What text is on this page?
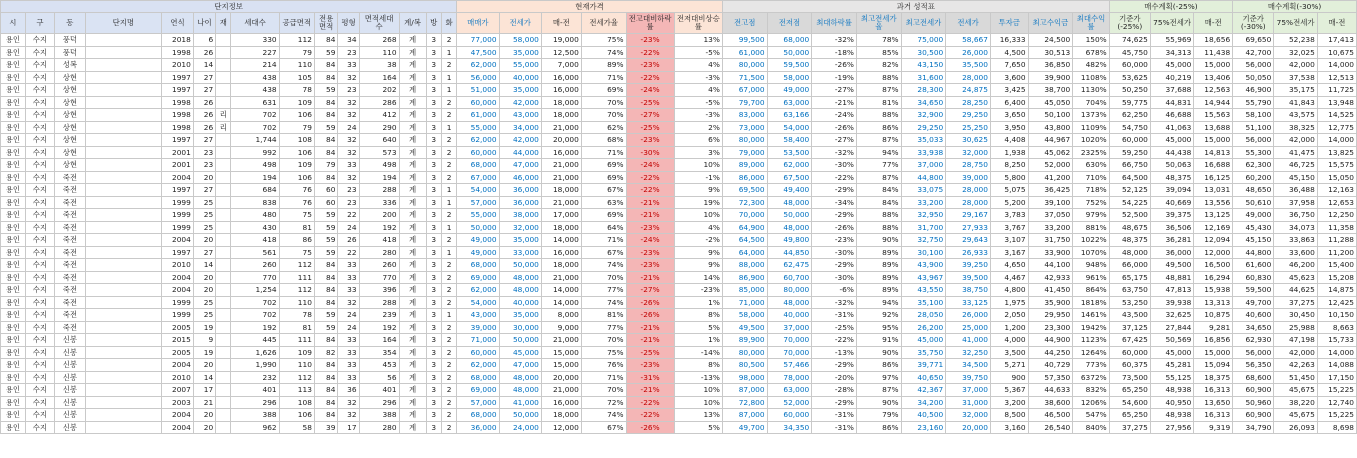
단지정보															현재가격						과거 성적표									매수계획(-25%)			매수계획(-30%)		
시	구	동	단지명	연식	나이	재	세대수	공급면적	전용면적	평형	면적세대수	계/복	방	화	매매가	전세가	매-전	전세가율	전고대비하락률	전저대비상승률	전고점	전저점	최대하락률	최고전세가율	최고전세가	전세가	투자금	최고수익금	최대수익률	기준가(-25%)	75%전세가	매-전	기준가(-30%)	75%전세가	매-전
용인	수지	풍덕		2018	6		330	112	84	34	268	계	3	2	77,000	58,000	19,000	75%	-23%	13%	99,500	68,000	-32%	78%	75,000	58,667	16,333	24,500	150%	74,625	55,969	18,656	69,650	52,238	17,413
용인	수지	풍덕		1998	26		227	79	59	23	110	계	3	1	47,500	35,000	12,500	74%	-22%	-5%	61,000	50,000	-18%	85%	30,500	26,000	4,500	30,513	678%	45,750	34,313	11,438	42,700	32,025	10,675
용인	수지	성복		2010	14		214	110	84	33	38	계	3	2	62,000	55,000	7,000	89%	-23%	4%	80,000	59,500	-26%	82%	43,150	35,500	7,650	36,850	482%	60,000	45,000	15,000	56,000	42,000	14,000
용인	수지	상현		1997	27		438	105	84	32	164	계	3	1	56,000	40,000	16,000	71%	-22%	-3%	71,500	58,000	-19%	88%	31,600	28,000	3,600	39,900	1108%	53,625	40,219	13,406	50,050	37,538	12,513
용인	수지	상현		1997	27		438	78	59	23	202	계	3	1	51,000	35,000	16,000	69%	-24%	4%	67,000	49,000	-27%	87%	28,300	24,875	3,425	38,700	1130%	50,250	37,688	12,563	46,900	35,175	11,725
용인	수지	상현		1998	26		631	109	84	32	286	계	3	2	60,000	42,000	18,000	70%	-25%	-5%	79,700	63,000	-21%	81%	34,650	28,250	6,400	45,050	704%	59,775	44,831	14,944	55,790	41,843	13,948
용인	수지	상현		1998	26	리	702	106	84	32	412	계	3	2	61,000	43,000	18,000	70%	-27%	-3%	83,000	63,166	-24%	88%	32,900	29,250	3,650	50,100	1373%	62,250	46,688	15,563	58,100	43,575	14,525
용인	수지	상현		1998	26	리	702	79	59	24	290	계	3	1	55,000	34,000	21,000	62%	-25%	2%	73,000	54,000	-26%	86%	29,250	25,250	3,950	43,800	1109%	54,750	41,063	13,688	51,100	38,325	12,775
용인	수지	상현		1997	27		1,744	108	84	32	640	계	3	2	62,000	42,000	20,000	68%	-23%	6%	80,000	58,400	-27%	87%	35,033	30,625	4,408	44,967	1020%	60,000	45,000	15,000	56,000	42,000	14,000
용인	수지	상현		2001	23		992	106	84	32	573	계	3	2	60,000	44,000	16,000	71%	-30%	3%	79,000	53,500	-32%	94%	33,938	32,000	1,938	45,062	2325%	59,250	44,438	14,813	55,300	41,475	13,825
용인	수지	상현		2001	23		498	109	79	33	498	계	3	2	68,000	47,000	21,000	69%	-24%	10%	89,000	62,000	-30%	77%	37,000	28,750	8,250	52,000	630%	66,750	50,063	16,688	62,300	46,725	15,575
용인	수지	죽전		2004	20		194	106	84	32	194	계	3	2	67,000	46,000	21,000	69%	-22%	-1%	86,000	67,500	-22%	87%	44,800	39,000	5,800	41,200	710%	64,500	48,375	16,125	60,200	45,150	15,050
용인	수지	죽전		1997	27		684	76	60	23	288	계	3	1	54,000	36,000	18,000	67%	-22%	9%	69,500	49,400	-29%	84%	33,075	28,000	5,075	36,425	718%	52,125	39,094	13,031	48,650	36,488	12,163
용인	수지	죽전		1999	25		838	76	60	23	336	계	3	1	57,000	36,000	21,000	63%	-21%	19%	72,300	48,000	-34%	84%	33,200	28,000	5,200	39,100	752%	54,225	40,669	13,556	50,610	37,958	12,653
용인	수지	죽전		1999	25		480	75	59	22	200	계	3	2	55,000	38,000	17,000	69%	-21%	10%	70,000	50,000	-29%	88%	32,950	29,167	3,783	37,050	979%	52,500	39,375	13,125	49,000	36,750	12,250
용인	수지	죽전		1999	25		430	81	59	24	192	계	3	1	50,000	32,000	18,000	64%	-23%	4%	64,900	48,000	-26%	88%	31,700	27,933	3,767	33,200	881%	48,675	36,506	12,169	45,430	34,073	11,358
용인	수지	죽전		2004	20		418	86	59	26	418	계	3	2	49,000	35,000	14,000	71%	-24%	-2%	64,500	49,800	-23%	90%	32,750	29,643	3,107	31,750	1022%	48,375	36,281	12,094	45,150	33,863	11,288
용인	수지	죽전		1997	27		561	75	59	22	280	계	3	1	49,000	33,000	16,000	67%	-23%	9%	64,000	44,850	-30%	89%	30,100	26,933	3,167	33,900	1070%	48,000	36,000	12,000	44,800	33,600	11,200
용인	수지	죽전		2010	14		260	112	84	33	260	계	3	2	68,000	50,000	18,000	74%	-23%	9%	88,000	62,475	-29%	89%	43,900	39,250	4,650	44,100	948%	66,000	49,500	16,500	61,600	46,200	15,400
용인	수지	죽전		2004	20		770	111	84	33	770	계	3	2	69,000	48,000	21,000	70%	-21%	14%	86,900	60,700	-30%	89%	43,967	39,500	4,467	42,933	961%	65,175	48,881	16,294	60,830	45,623	15,208
용인	수지	죽전		2004	20		1,254	112	84	33	396	계	3	2	62,000	48,000	14,000	77%	-27%	-23%	85,000	80,000	-6%	89%	43,550	38,750	4,800	41,450	864%	63,750	47,813	15,938	59,500	44,625	14,875
용인	수지	죽전		1999	25		702	110	84	32	288	계	3	2	54,000	40,000	14,000	74%	-26%	1%	71,000	48,000	-32%	94%	35,100	33,125	1,975	35,900	1818%	53,250	39,938	13,313	49,700	37,275	12,425
용인	수지	죽전		1999	25		702	78	59	24	239	계	3	1	43,000	35,000	8,000	81%	-26%	8%	58,000	40,000	-31%	92%	28,050	26,000	2,050	29,950	1461%	43,500	32,625	10,875	40,600	30,450	10,150
용인	수지	죽전		2005	19		192	81	59	24	192	계	3	2	39,000	30,000	9,000	77%	-21%	5%	49,500	37,000	-25%	95%	26,200	25,000	1,200	23,300	1942%	37,125	27,844	9,281	34,650	25,988	8,663
용인	수지	신봉		2015	9		445	111	84	33	164	계	3	2	71,000	50,000	21,000	70%	-21%	1%	89,900	70,000	-22%	91%	45,000	41,000	4,000	44,900	1123%	67,425	50,569	16,856	62,930	47,198	15,733
용인	수지	신봉		2005	19		1,626	109	82	33	354	계	3	2	60,000	45,000	15,000	75%	-25%	-14%	80,000	70,000	-13%	90%	35,750	32,250	3,500	44,250	1264%	60,000	45,000	15,000	56,000	42,000	14,000
용인	수지	신봉		2004	20		1,990	110	84	33	453	계	3	2	62,000	47,000	15,000	76%	-23%	8%	80,500	57,466	-29%	86%	39,771	34,500	5,271	40,729	773%	60,375	45,281	15,094	56,350	42,263	14,088
용인	수지	신봉		2010	14		232	112	84	33	56	계	3	2	68,000	48,000	20,000	71%	-31%	-13%	98,000	78,000	-20%	97%	40,650	39,750	900	57,350	6372%	73,500	55,125	18,375	68,600	51,450	17,150
용인	수지	신봉		2007	17		401	113	84	36	401	계	3	2	69,000	48,000	21,000	70%	-21%	10%	87,000	63,000	-28%	87%	42,367	37,000	5,367	44,633	832%	65,250	48,938	16,313	60,900	45,675	15,225
용인	수지	신봉		2003	21		296	108	84	32	296	계	3	2	57,000	41,000	16,000	72%	-22%	10%	72,800	52,000	-29%	90%	34,200	31,000	3,200	38,600	1206%	54,600	40,950	13,650	50,960	38,220	12,740
용인	수지	신봉		2004	20		388	106	84	32	388	계	3	2	68,000	50,000	18,000	74%	-22%	13%	87,000	60,000	-31%	79%	40,500	32,000	8,500	46,500	547%	65,250	48,938	16,313	60,900	45,675	15,225
용인	수지	신봉		2004	20		962	58	39	17	280	계	3	2	36,000	24,000	12,000	67%	-26%	5%	49,700	34,350	-31%	86%	23,160	20,000	3,160	26,540	840%	37,275	27,956	9,319	34,790	26,093	8,698
